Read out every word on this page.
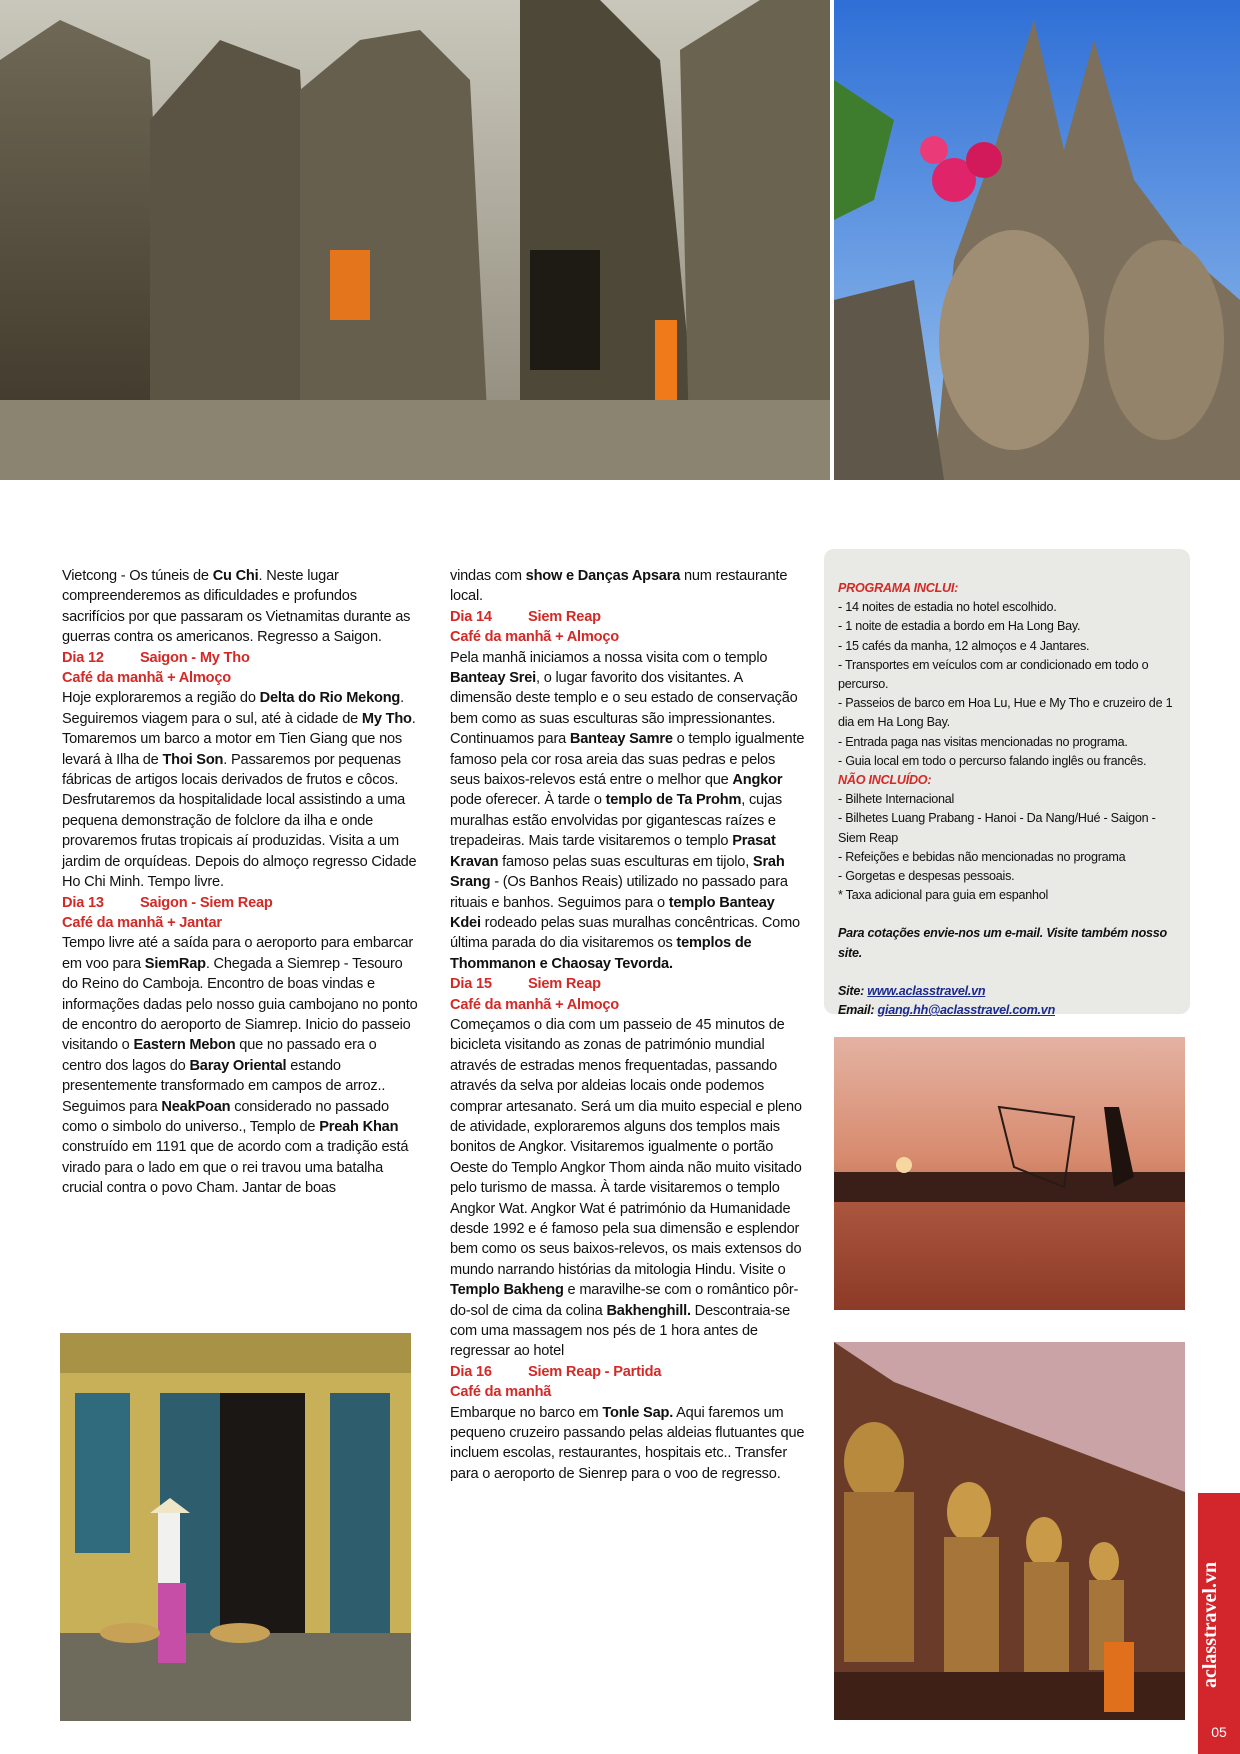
Vietcong - Os túneis de Cu Chi. Neste lugar compreenderemos as dificuldades e profundos sacrifícios por que passaram os Vietnamitas durante as guerras contra os americanos. Regresso a Saigon.

Dia 12 Saigon - My Tho

Café da manhã + Almoço

Hoje exploraremos a região do Delta do Rio Mekong. Seguiremos viagem para o sul, até à cidade de My Tho. Tomaremos um barco a motor em Tien Giang que nos levará à Ilha de Thoi Son. Passaremos por pequenas fábricas de artigos locais derivados de frutos e côcos. Desfrutaremos da hospitalidade local assistindo a uma pequena demonstração de folclore da ilha e onde provaremos frutas tropicais aí produzidas. Visita a um jardim de orquídeas. Depois do almoço regresso Cidade Ho Chi Minh. Tempo livre.

Dia 13 Saigon - Siem Reap

Café da manhã + Jantar

Tempo livre até a saída para o aeroporto para embarcar em voo para SiemRap. Chegada a Siemrep - Tesouro do Reino do Camboja. Encontro de boas vindas e informações dadas pelo nosso guia cambojano no ponto de encontro do aeroporto de Siamrep. Inicio do passeio visitando o Eastern Mebon que no passado era o centro dos lagos do Baray Oriental estando presentemente transformado em campos de arroz.. Seguimos para NeakPoan considerado no passado como o simbolo do universo., Templo de Preah Khan construído em 1191 que de acordo com a tradição está virado para o lado em que o rei travou uma batalha crucial contra o povo Cham. Jantar de boas

vindas com show e Danças Apsara num restaurante local.

Dia 14 Siem Reap

Café da manhã + Almoço

Pela manhã iniciamos a nossa visita com o templo Banteay Srei, o lugar favorito dos visitantes. A dimensão deste templo e o seu estado de conservação bem como as suas esculturas são impressionantes. Continuamos para Banteay Samre o templo igualmente famoso pela cor rosa areia das suas pedras e pelos seus baixos-relevos está entre o melhor que Angkor pode oferecer. À tarde o templo de Ta Prohm, cujas muralhas estão envolvidas por gigantescas raízes e trepadeiras. Mais tarde visitaremos o templo Prasat Kravan famoso pelas suas esculturas em tijolo, Srah Srang - (Os Banhos Reais) utilizado no passado para rituais e banhos. Seguimos para o templo Banteay Kdei rodeado pelas suas muralhas concêntricas. Como última parada do dia visitaremos os templos de Thommanon e Chaosay Tevorda.

Dia 15 Siem Reap

Café da manhã + Almoço

Começamos o dia com um passeio de 45 minutos de bicicleta visitando as zonas de património mundial através de estradas menos frequentadas, passando através da selva por aldeias locais onde podemos comprar artesanato. Será um dia muito especial e pleno de atividade, exploraremos alguns dos templos mais bonitos de Angkor. Visitaremos igualmente o portão Oeste do Templo Angkor Thom ainda não muito visitado pelo turismo de massa. À tarde visitaremos o templo Angkor Wat. Angkor Wat é património da Humanidade desde 1992 e é famoso pela sua dimensão e esplendor bem como os seus baixos-relevos, os mais extensos do mundo narrando histórias da mitologia Hindu. Visite o Templo Bakheng e maravilhe-se com o romântico pôr-do-sol de cima da colina Bakhenghill. Descontraia-se com uma massagem nos pés de 1 hora antes de regressar ao hotel

Dia 16 Siem Reap - Partida

Café da manhã

Embarque no barco em Tonle Sap. Aqui faremos um pequeno cruzeiro passando pelas aldeias flutuantes que incluem escolas, restaurantes, hospitais etc.. Transfer para o aeroporto de Sienrep para o voo de regresso.

PROGRAMA INCLUI:
- 14 noites de estadia no hotel escolhido.
- 1 noite de estadia a bordo em Ha Long Bay.
- 15 cafés da manha, 12 almoços e 4 Jantares.
- Transportes em veículos com ar condicionado em todo o percurso.
- Passeios de barco em Hoa Lu, Hue e My Tho e cruzeiro de 1 dia em Ha Long Bay.
- Entrada paga nas visitas mencionadas no programa.
- Guia local em todo o percurso falando inglês ou francês.
NÃO INCLUÍDO:
- Bilhete Internacional
- Bilhetes Luang Prabang - Hanoi - Da Nang/Hué - Saigon - Siem Reap
- Refeições e bebidas não mencionadas no programa
- Gorgetas e despesas pessoais.
* Taxa adicional para guia em espanhol
Para cotações envie-nos um e-mail. Visite também nosso site.
Site: www.aclasstravel.vn
Email: giang.hh@aclasstravel.com.vn
aclasstravel.vn
05
